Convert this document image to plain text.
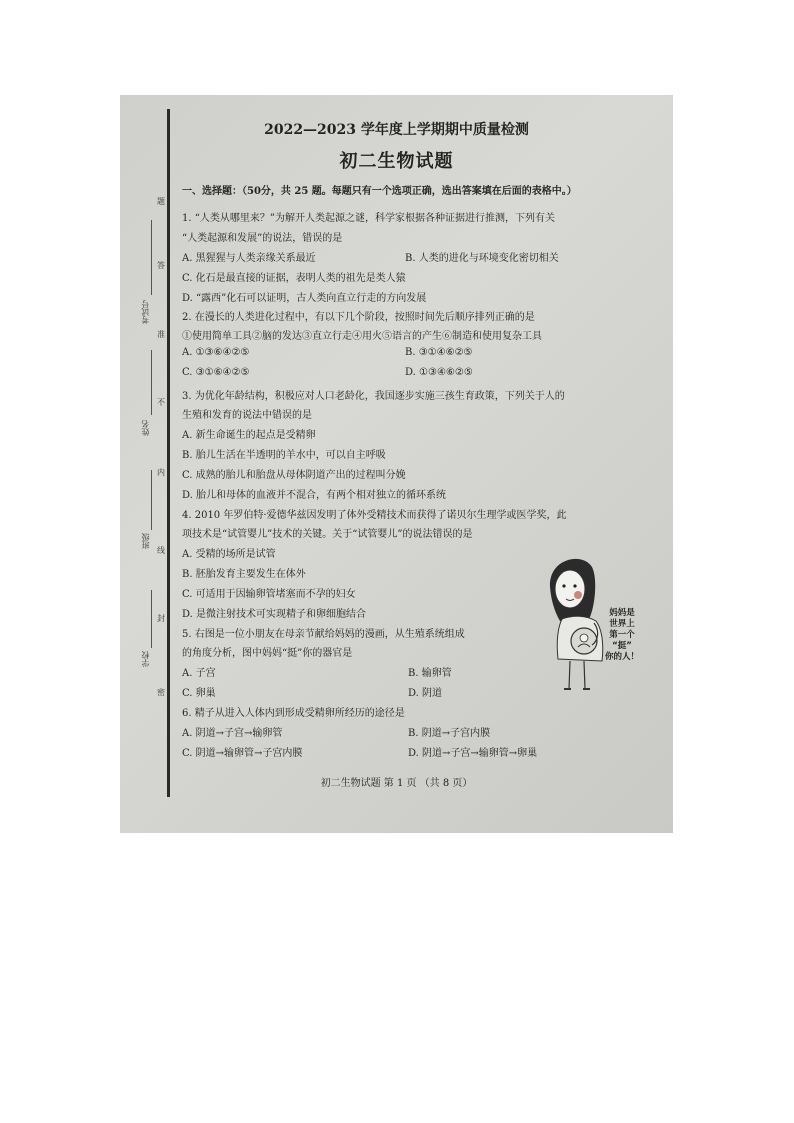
考试号
姓名
班级
学校
题
答
准
不
内
线
封
密
2022—2023 学年度上学期期中质量检测
初二生物试题
一、选择题：（50分，共 25 题。每题只有一个选项正确，选出答案填在后面的表格中。）
1. “人类从哪里来？”为解开人类起源之谜，科学家根据各种证据进行推测，下列有关
“人类起源和发展”的说法，错误的是
A. 黑猩猩与人类亲缘关系最近	B. 人类的进化与环境变化密切相关
C. 化石是最直接的证据，表明人类的祖先是类人猿
D. “露西”化石可以证明，古人类向直立行走的方向发展
2. 在漫长的人类进化过程中，有以下几个阶段，按照时间先后顺序排列正确的是
①使用简单工具②脑的发达③直立行走④用火⑤语言的产生⑥制造和使用复杂工具
A. ①③⑥④②⑤	B. ③①④⑥②⑤
C. ③①⑥④②⑤	D. ①③④⑥②⑤
3. 为优化年龄结构，积极应对人口老龄化，我国逐步实施三孩生育政策，下列关于人的
生殖和发育的说法中错误的是
A. 新生命诞生的起点是受精卵
B. 胎儿生活在半透明的羊水中，可以自主呼吸
C. 成熟的胎儿和胎盘从母体阴道产出的过程叫分娩
D. 胎儿和母体的血液并不混合，有两个相对独立的循环系统
4. 2010 年罗伯特·爱德华兹因发明了体外受精技术而获得了诺贝尔生理学或医学奖，此
项技术是“试管婴儿”技术的关键。关于“试管婴儿”的说法错误的是
A. 受精的场所是试管
B. 胚胎发育主要发生在体外
C. 可适用于因输卵管堵塞而不孕的妇女
D. 是微注射技术可实现精子和卵细胞结合
5. 右图是一位小朋友在母亲节献给妈妈的漫画，从生殖系统组成
的角度分析，图中妈妈“挺”你的器官是
A. 子宫	B. 输卵管
C. 卵巢	D. 阴道
6. 精子从进入人体内到形成受精卵所经历的途径是
A. 阴道→子宫→输卵管	B. 阴道→子宫内膜
C. 阴道→输卵管→子宫内膜	D. 阴道→子宫→输卵管→卵巢
妈妈是
世界上
第一个
“挺”
你的人！
初二生物试题 第 1 页 （共 8 页）
